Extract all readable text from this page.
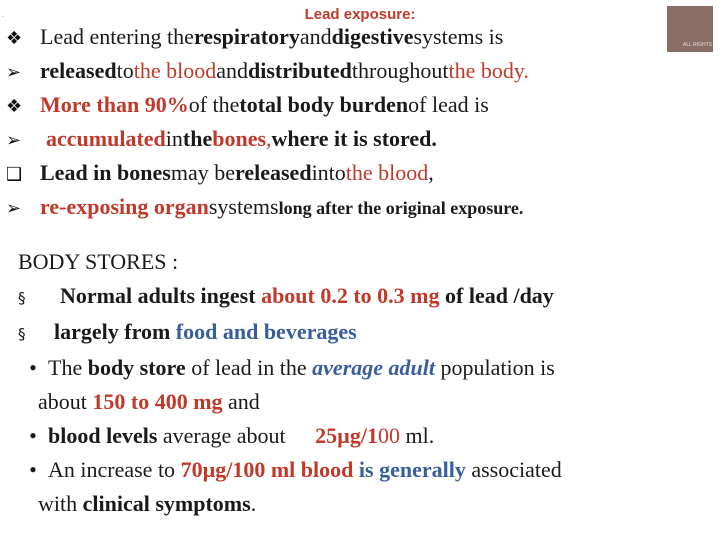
Lead exposure:
.
ALL RIGHTS
❖ Lead entering the respiratory and digestive systems is
➢ released to the blood and distributed throughout the body.
❖ More than 90% of the total body burden of lead is
➢	accumulated in the bones , where it is stored.
❑ Lead in bones may be released into the blood ,
➢ re-exposing organ systems long after the original exposure.
BODY STORES :
§ Normal adults ingest about 0.2 to 0.3 mg of lead /day
§ largely from food and beverages
• The body store of lead in the average adult population is
about 150 to 400 mg and
• blood levels average about 25µg/100 ml.
• An increase to 70µg/100 ml blood is generally associated
with clinical symptoms.
